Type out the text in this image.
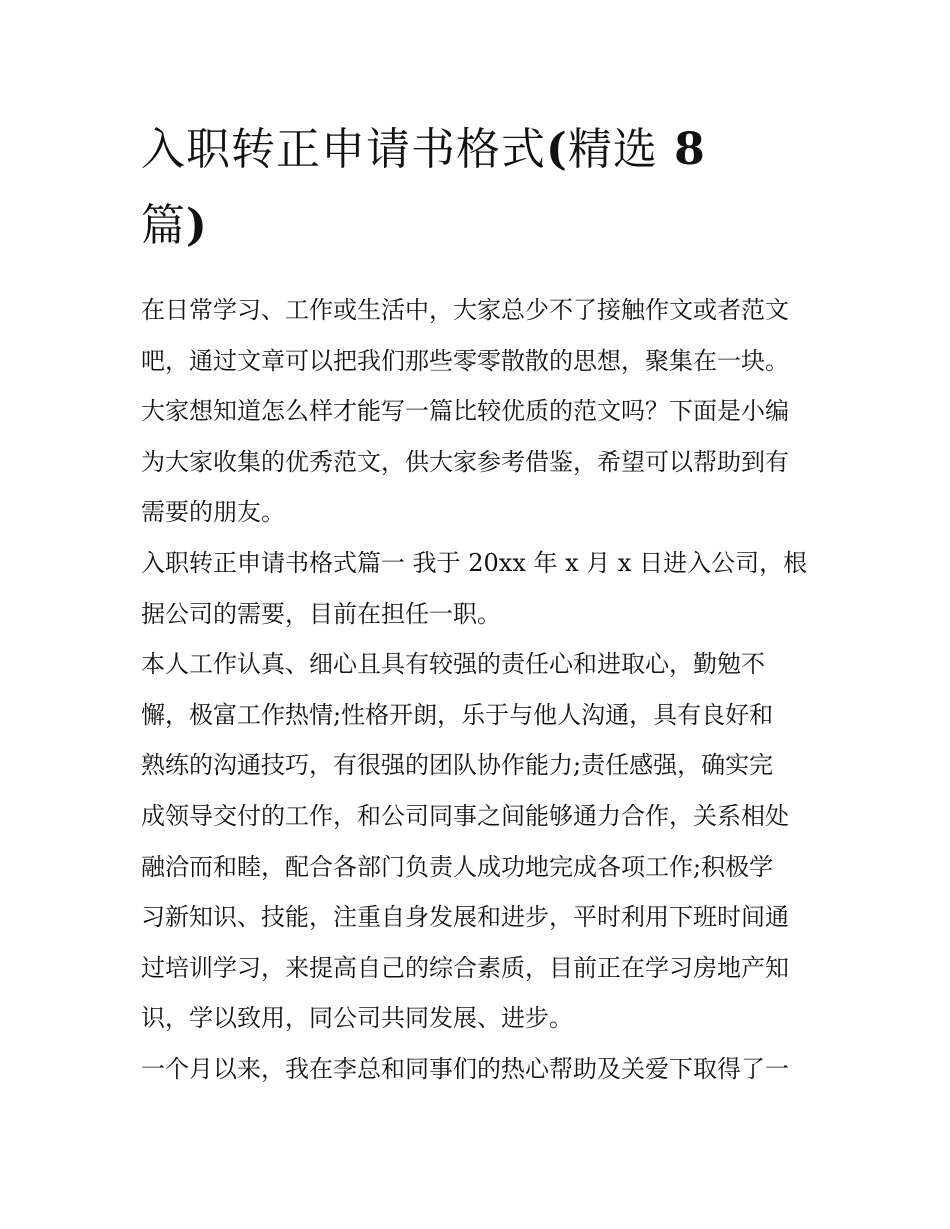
入职转正申请书格式(精选 8
篇)

在日常学习、工作或生活中，大家总少不了接触作文或者范文
吧，通过文章可以把我们那些零零散散的思想，聚集在一块。
大家想知道怎么样才能写一篇比较优质的范文吗？下面是小编
为大家收集的优秀范文，供大家参考借鉴，希望可以帮助到有
需要的朋友。

入职转正申请书格式篇一 我于 20xx 年 x 月 x 日进入公司，根
据公司的需要，目前在担任一职。

本人工作认真、细心且具有较强的责任心和进取心，勤勉不
懈，极富工作热情;性格开朗，乐于与他人沟通，具有良好和
熟练的沟通技巧，有很强的团队协作能力;责任感强，确实完
成领导交付的工作，和公司同事之间能够通力合作，关系相处
融洽而和睦，配合各部门负责人成功地完成各项工作;积极学
习新知识、技能，注重自身发展和进步，平时利用下班时间通
过培训学习，来提高自己的综合素质，目前正在学习房地产知
识，学以致用，同公司共同发展、进步。

一个月以来，我在李总和同事们的热心帮助及关爱下取得了一
